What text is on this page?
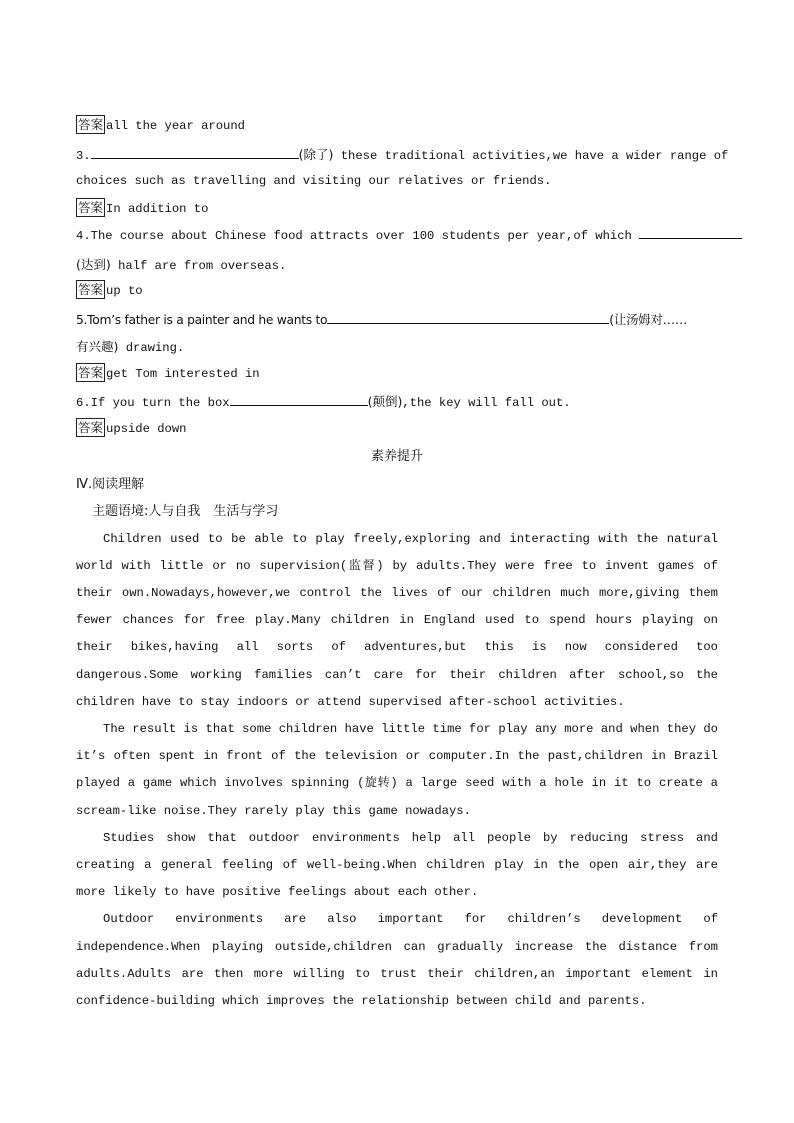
答案 all the year around
3.	(除了) these traditional activities,we have a wider range of
choices such as travelling and visiting our relatives or friends.
答案 In addition to
4.The course about Chinese food attracts over 100 students per year,of which
(达到) half are from overseas.
答案 up to
5.Tom’s father is a painter and he wants to	(让汤姆对……
有兴趣) drawing.
答案 get Tom interested in
6.If you turn the box	(颠倒),the key will fall out.
答案 upside down
素养提升
Ⅳ.阅读理解
主题语境:人与自我　生活与学习

Children used to be able to play freely,exploring and interacting with the natural world with little or no supervision(监督) by adults.They were free to invent games of their own.Nowadays,however,we control the lives of our children much more,giving them fewer chances for free play.Many children in England used to spend hours playing on their bikes,having all sorts of adventures,but this is now considered too dangerous.Some working families can’t care for their children after school,so the children have to stay indoors or attend supervised after-school activities.

The result is that some children have little time for play any more and when they do it’s often spent in front of the television or computer.In the past,children in Brazil played a game which involves spinning (旋转) a large seed with a hole in it to create a scream-like noise.They rarely play this game nowadays.

Studies show that outdoor environments help all people by reducing stress and creating a general feeling of well-being.When children play in the open air,they are more likely to have positive feelings about each other.

Outdoor environments are also important for children’s development of independence.When playing outside,children can gradually increase the distance from adults.Adults are then more willing to trust their children,an important element in confidence-building which improves the relationship between child and parents.
